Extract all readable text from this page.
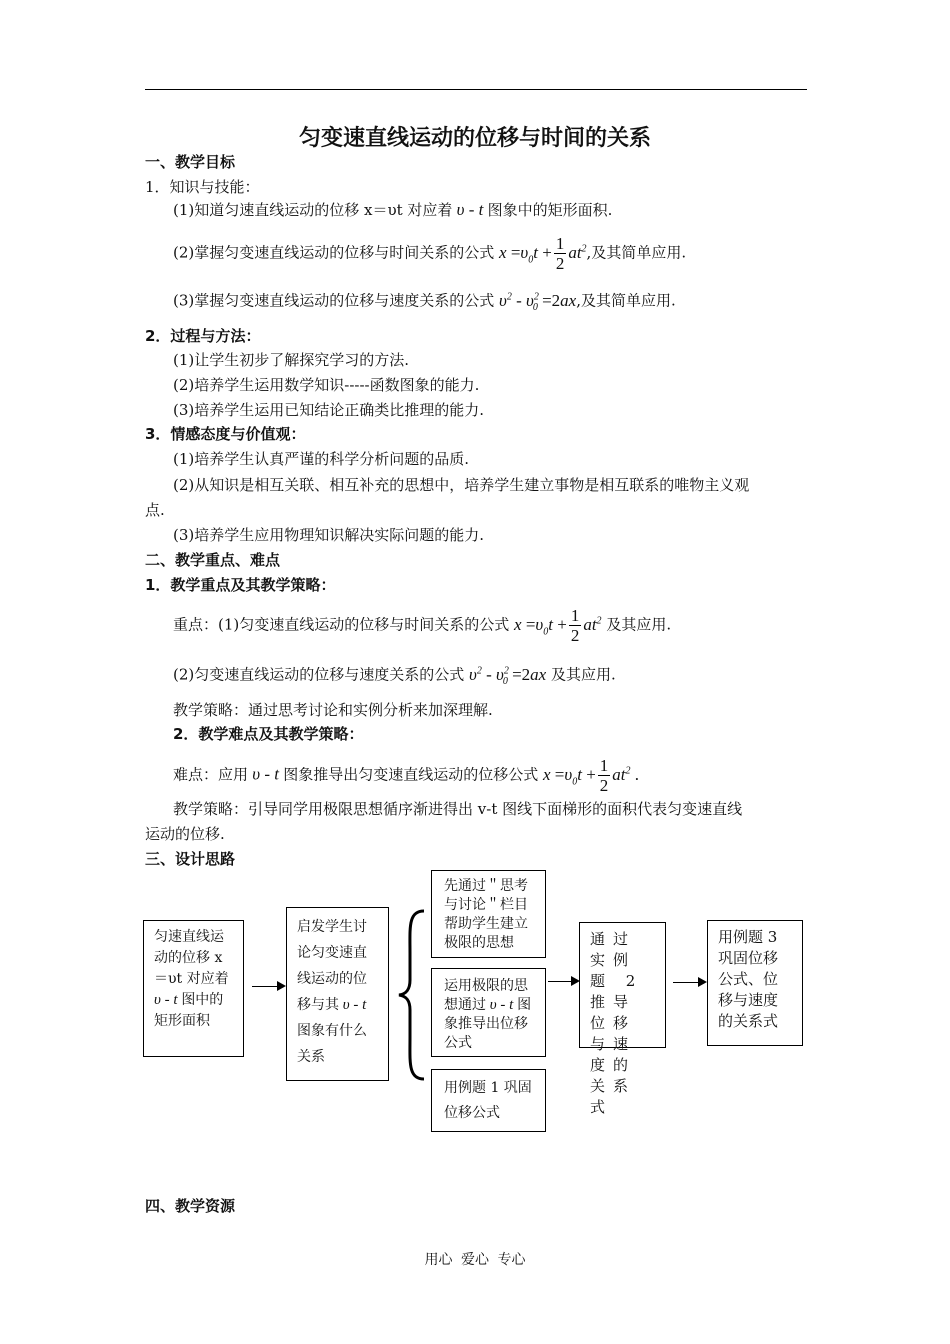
匀变速直线运动的位移与时间的关系
一、教学目标
1．知识与技能：
(1)知道匀速直线运动的位移 x＝υt 对应着 υ - t 图象中的矩形面积.
(2)掌握匀变速直线运动的位移与时间关系的公式 $x =\upsilon_0t + \frac{1}{2} at^2$,及其简单应用.
(3)掌握匀变速直线运动的位移与速度关系的公式 $\upsilon^2 - \upsilon^2_0 =2ax$,及其简单应用.
2．过程与方法：
(1)让学生初步了解探究学习的方法.
(2)培养学生运用数学知识-----函数图象的能力.
(3)培养学生运用已知结论正确类比推理的能力.
3．情感态度与价值观：
(1)培养学生认真严谨的科学分析问题的品质.
(2)从知识是相互关联、相互补充的思想中，培养学生建立事物是相互联系的唯物主义观
点.
(3)培养学生应用物理知识解决实际问题的能力.
二、教学重点、难点
1．教学重点及其教学策略：
重点：(1)匀变速直线运动的位移与时间关系的公式 $x =\upsilon_0t + \frac{1}{2} at^2$ 及其应用.
(2)匀变速直线运动的位移与速度关系的公式 $\upsilon^2 - \upsilon^2_0 =2ax$ 及其应用.
教学策略：通过思考讨论和实例分析来加深理解.
2．教学难点及其教学策略：
难点：应用 υ - t 图象推导出匀变速直线运动的位移公式 $x =\upsilon_0t + \frac{1}{2} at^2$ .
教学策略：引导同学用极限思想循序渐进得出 v-t 图线下面梯形的面积代表匀变速直线
运动的位移.
三、设计思路
匀速直线运动的位移 x＝υt 对应着 υ - t 图中的矩形面积
启发学生讨论匀变速直线运动的位移与其 υ - t 图象有什么关系
先通过＂思考与讨论＂栏目帮助学生建立极限的思想
运用极限的思想通过 υ - t 图象推导出位移公式
用例题 1 巩固位移公式
通过实例题 2 推导位移与速度的关系式
用例题 3 巩固位移公式、位移与速度的关系式
四、教学资源
用心 爱心 专心
